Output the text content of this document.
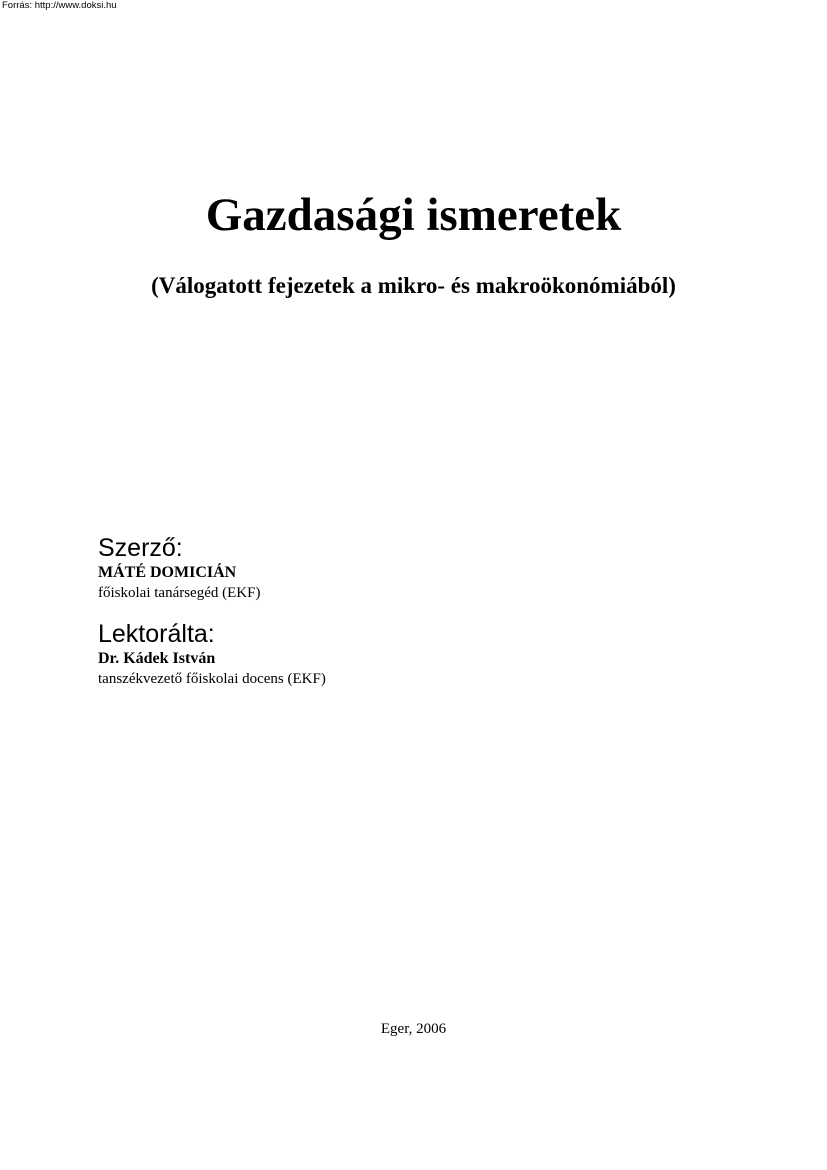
Forrás: http://www.doksi.hu
Gazdasági ismeretek
(Válogatott fejezetek a mikro- és makroökonómiából)

Szerző:

MÁTÉ DOMICIÁN

főiskolai tanársegéd (EKF)

Lektorálta:

Dr. Kádek István

tanszékvezető főiskolai docens (EKF)

Eger, 2006
